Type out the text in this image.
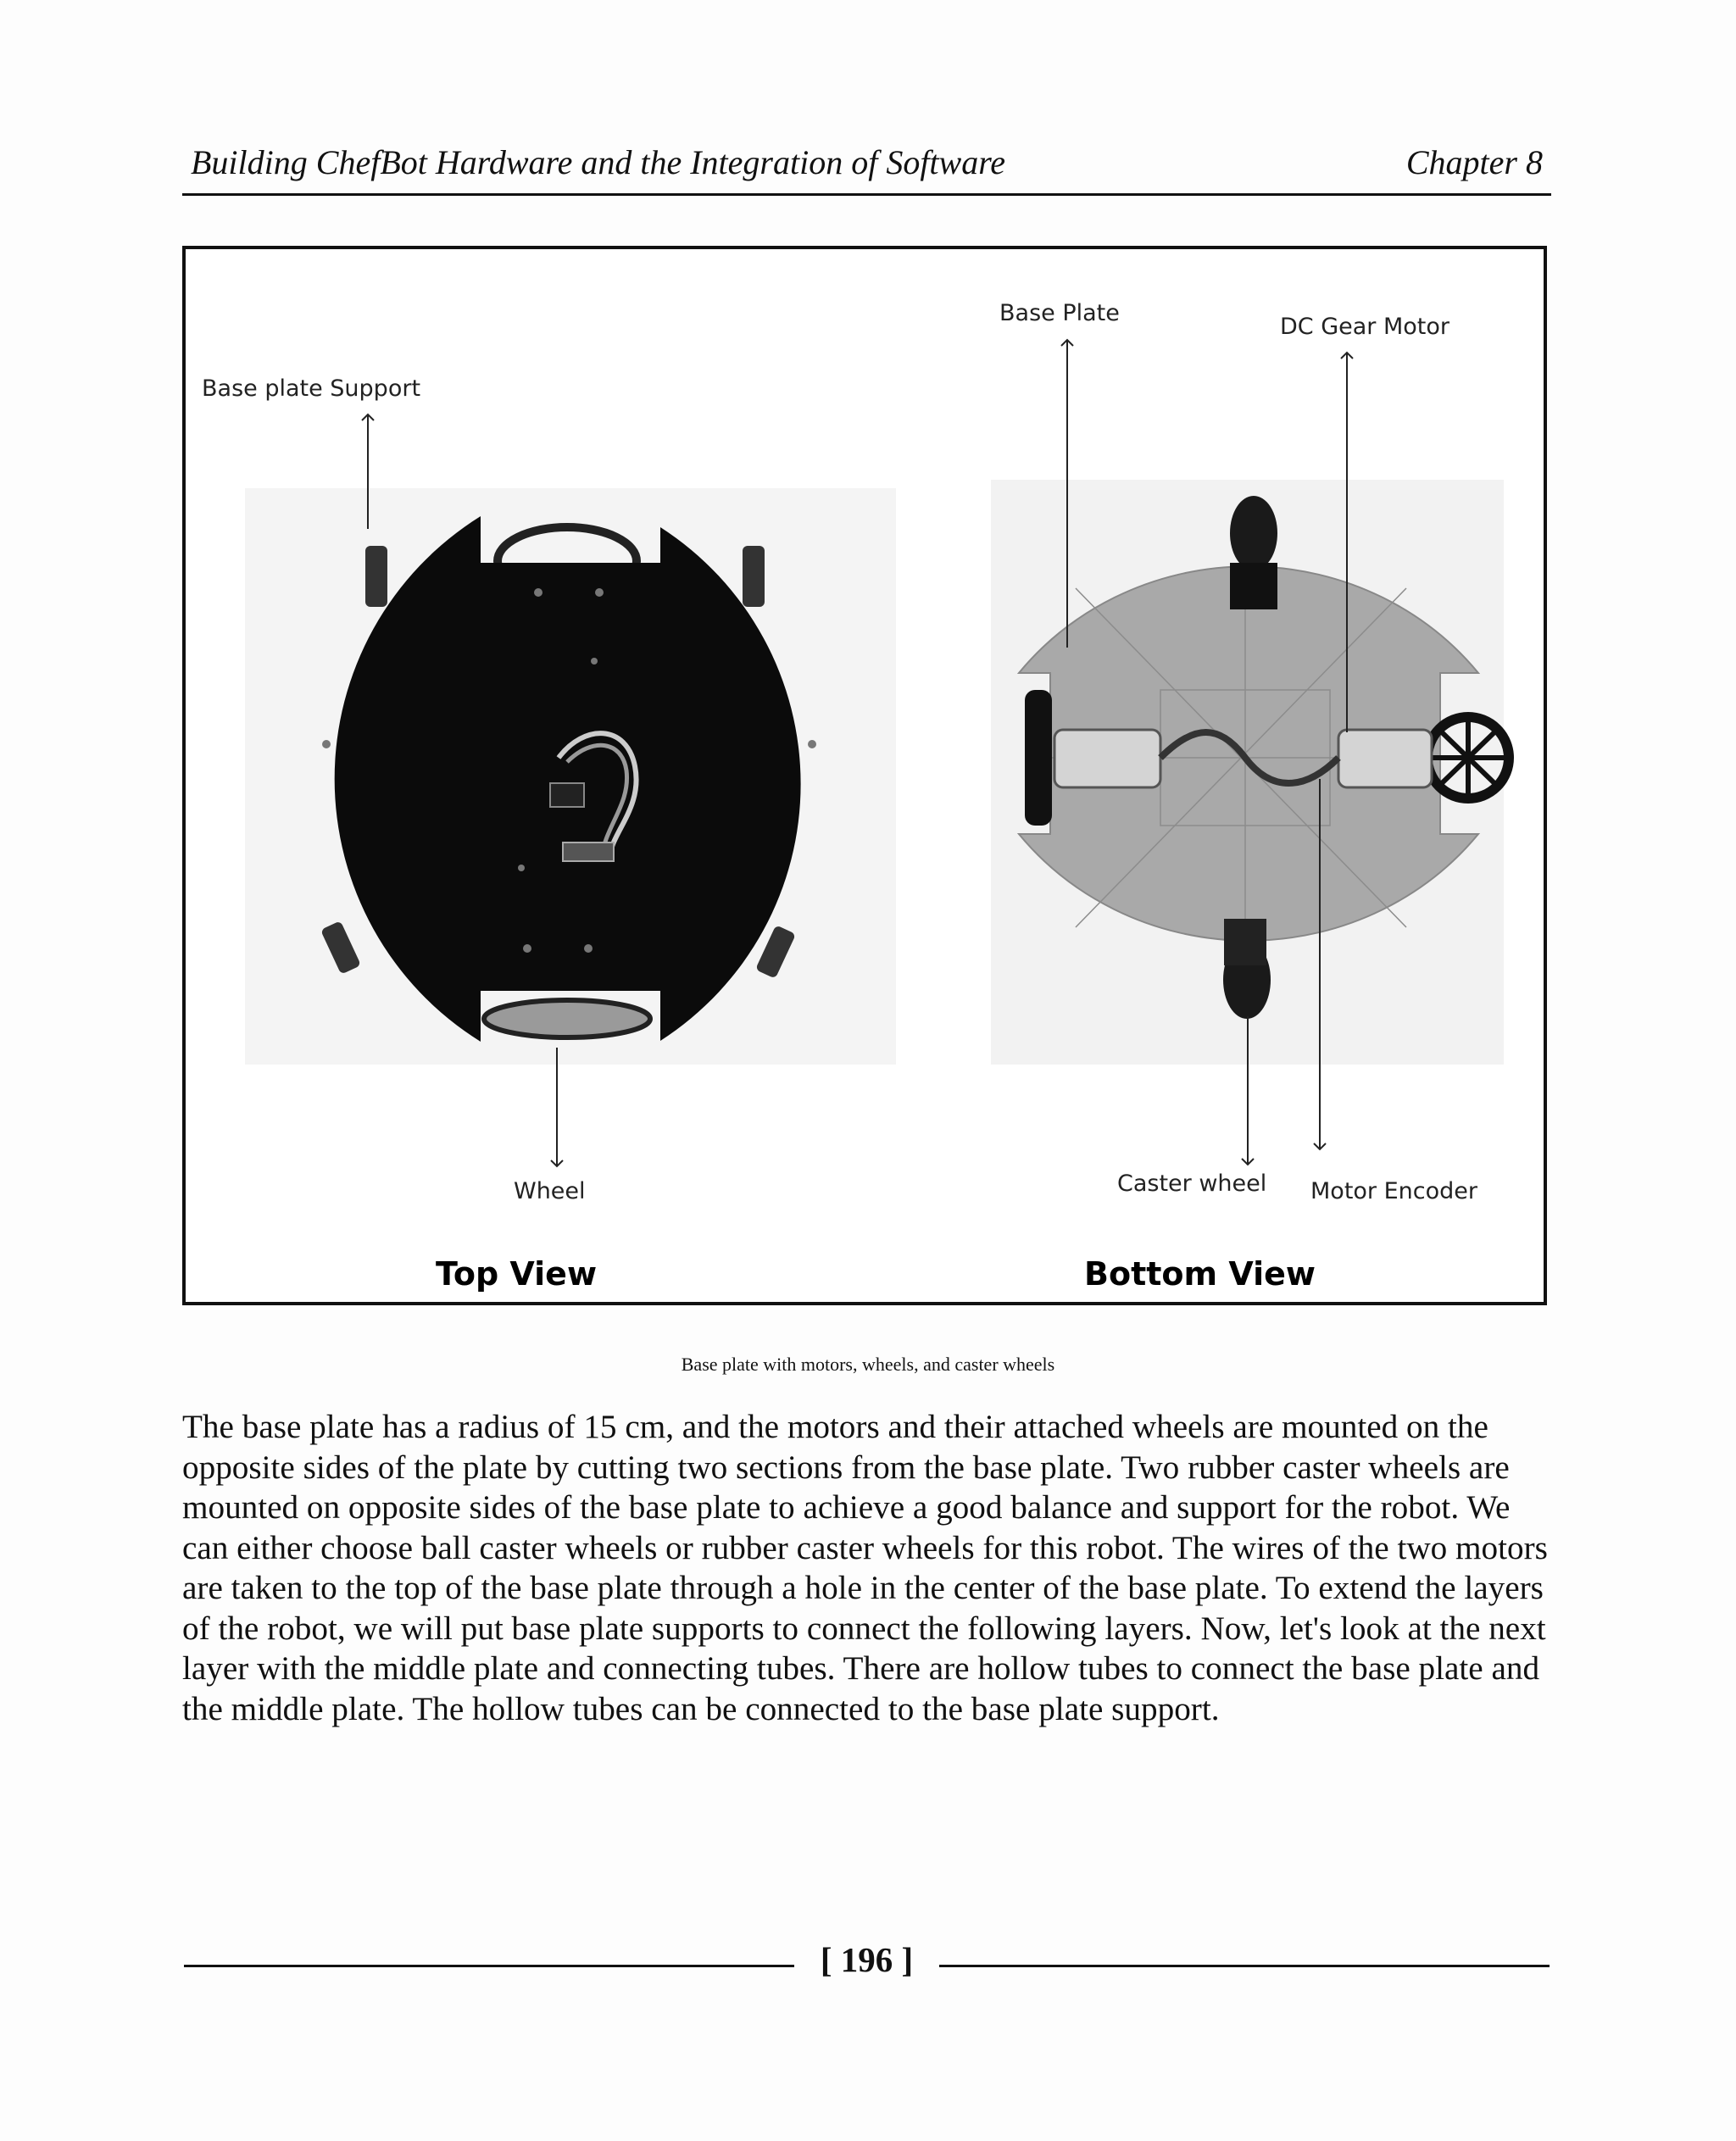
Building ChefBot Hardware and the Integration of Software	Chapter 8
Base plate Support
Wheel
Top View
Base Plate
DC Gear Motor
Caster wheel Motor Encoder
Bottom View
Base plate with motors, wheels, and caster wheels
The base plate has a radius of 15 cm, and the motors and their attached wheels are mounted on the opposite sides of the plate by cutting two sections from the base plate. Two rubber caster wheels are mounted on opposite sides of the base plate to achieve a good balance and support for the robot. We can either choose ball caster wheels or rubber caster wheels for this robot. The wires of the two motors are taken to the top of the base plate through a hole in the center of the base plate. To extend the layers of the robot, we will put base plate supports to connect the following layers. Now, let's look at the next layer with the middle plate and connecting tubes. There are hollow tubes to connect the base plate and the middle plate. The hollow tubes can be connected to the base plate support.
[ 196 ]
